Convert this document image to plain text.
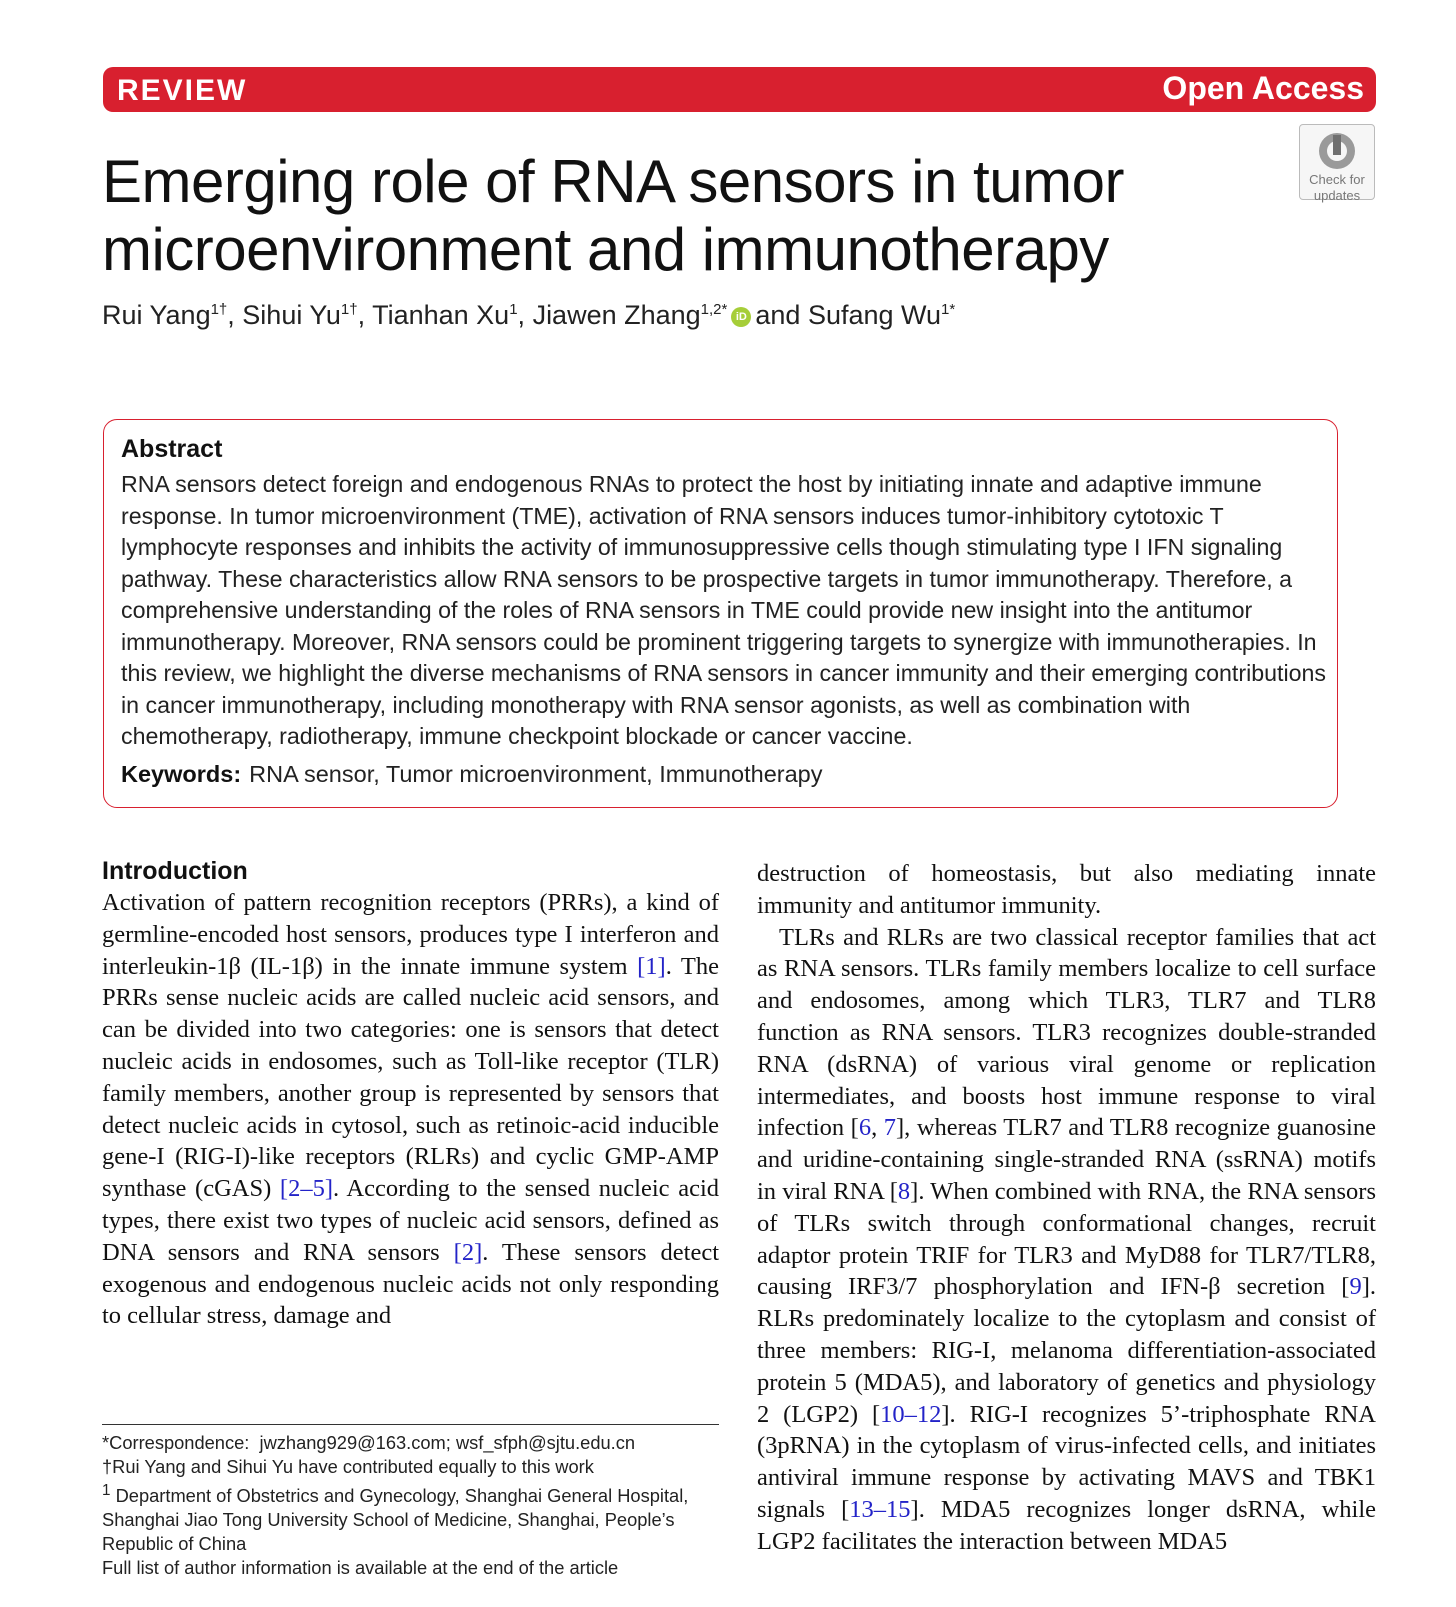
REVIEW	Open Access
Check for
updates
Emerging role of RNA sensors in tumor microenvironment and immunotherapy
Rui Yang$^{1\dagger}$, Sihui $Yu^{1\dagger}$, Tianhan Xu$^1$, Jiawen Zhang$^{1,2*}$ iD and Sufang $Wu^{1*}$
Abstract

RNA sensors detect foreign and endogenous RNAs to protect the host by initiating innate and adaptive immune response. In tumor microenvironment (TME), activation of RNA sensors induces tumor-inhibitory cytotoxic T lymphocyte responses and inhibits the activity of immunosuppressive cells though stimulating type I IFN signaling pathway. These characteristics allow RNA sensors to be prospective targets in tumor immunotherapy. Therefore, a comprehensive understanding of the roles of RNA sensors in TME could provide new insight into the antitumor immunotherapy. Moreover, RNA sensors could be prominent triggering targets to synergize with immunotherapies. In this review, we highlight the diverse mechanisms of RNA sensors in cancer immunity and their emerging contributions in cancer immunotherapy, including monotherapy with RNA sensor agonists, as well as combination with chemotherapy, radiotherapy, immune checkpoint blockade or cancer vaccine.

Keywords: RNA sensor, Tumor microenvironment, Immunotherapy
Introduction

Activation of pattern recognition receptors (PRRs), a kind of germline-encoded host sensors, produces type I interferon and interleukin-1β (IL-1β) in the innate immune system [1]. The PRRs sense nucleic acids are called nucleic acid sensors, and can be divided into two categories: one is sensors that detect nucleic acids in endosomes, such as Toll-like receptor (TLR) family members, another group is represented by sensors that detect nucleic acids in cytosol, such as retinoic-acid inducible gene-I (RIG-I)-like receptors (RLRs) and cyclic GMP-AMP synthase (cGAS) [2–5]. According to the sensed nucleic acid types, there exist two types of nucleic acid sensors, defined as DNA sensors and RNA sensors [2]. These sensors detect exogenous and endogenous nucleic acids not only responding to cellular stress, damage and

destruction of homeostasis, but also mediating innate immunity and antitumor immunity.

TLRs and RLRs are two classical receptor families that act as RNA sensors. TLRs family members localize to cell surface and endosomes, among which TLR3, TLR7 and TLR8 function as RNA sensors. TLR3 recognizes double-stranded RNA (dsRNA) of various viral genome or replication intermediates, and boosts host immune response to viral infection [6, 7], whereas TLR7 and TLR8 recognize guanosine and uridine-containing single-stranded RNA (ssRNA) motifs in viral RNA [8]. When combined with RNA, the RNA sensors of TLRs switch through conformational changes, recruit adaptor protein TRIF for TLR3 and MyD88 for TLR7/TLR8, causing IRF3/7 phosphorylation and IFN-β secretion [9]. RLRs predominately localize to the cytoplasm and consist of three members: RIG-I, melanoma differentiation-associated protein 5 (MDA5), and laboratory of genetics and physiology 2 (LGP2) [10–12]. RIG-I recognizes 5’-triphosphate RNA (3pRNA) in the cytoplasm of virus-infected cells, and initiates antiviral immune response by activating MAVS and TBK1 signals [13–15]. MDA5 recognizes longer dsRNA, while LGP2 facilitates the interaction between MDA5

*Correspondence: jwzhang929@163.com; wsf_sfph@sjtu.edu.cn
†Rui Yang and Sihui Yu have contributed equally to this work
$^1$ Department of Obstetrics and Gynecology, Shanghai General Hospital, Shanghai Jiao Tong University School of Medicine, Shanghai, People’s Republic of China
Full list of author information is available at the end of the article
